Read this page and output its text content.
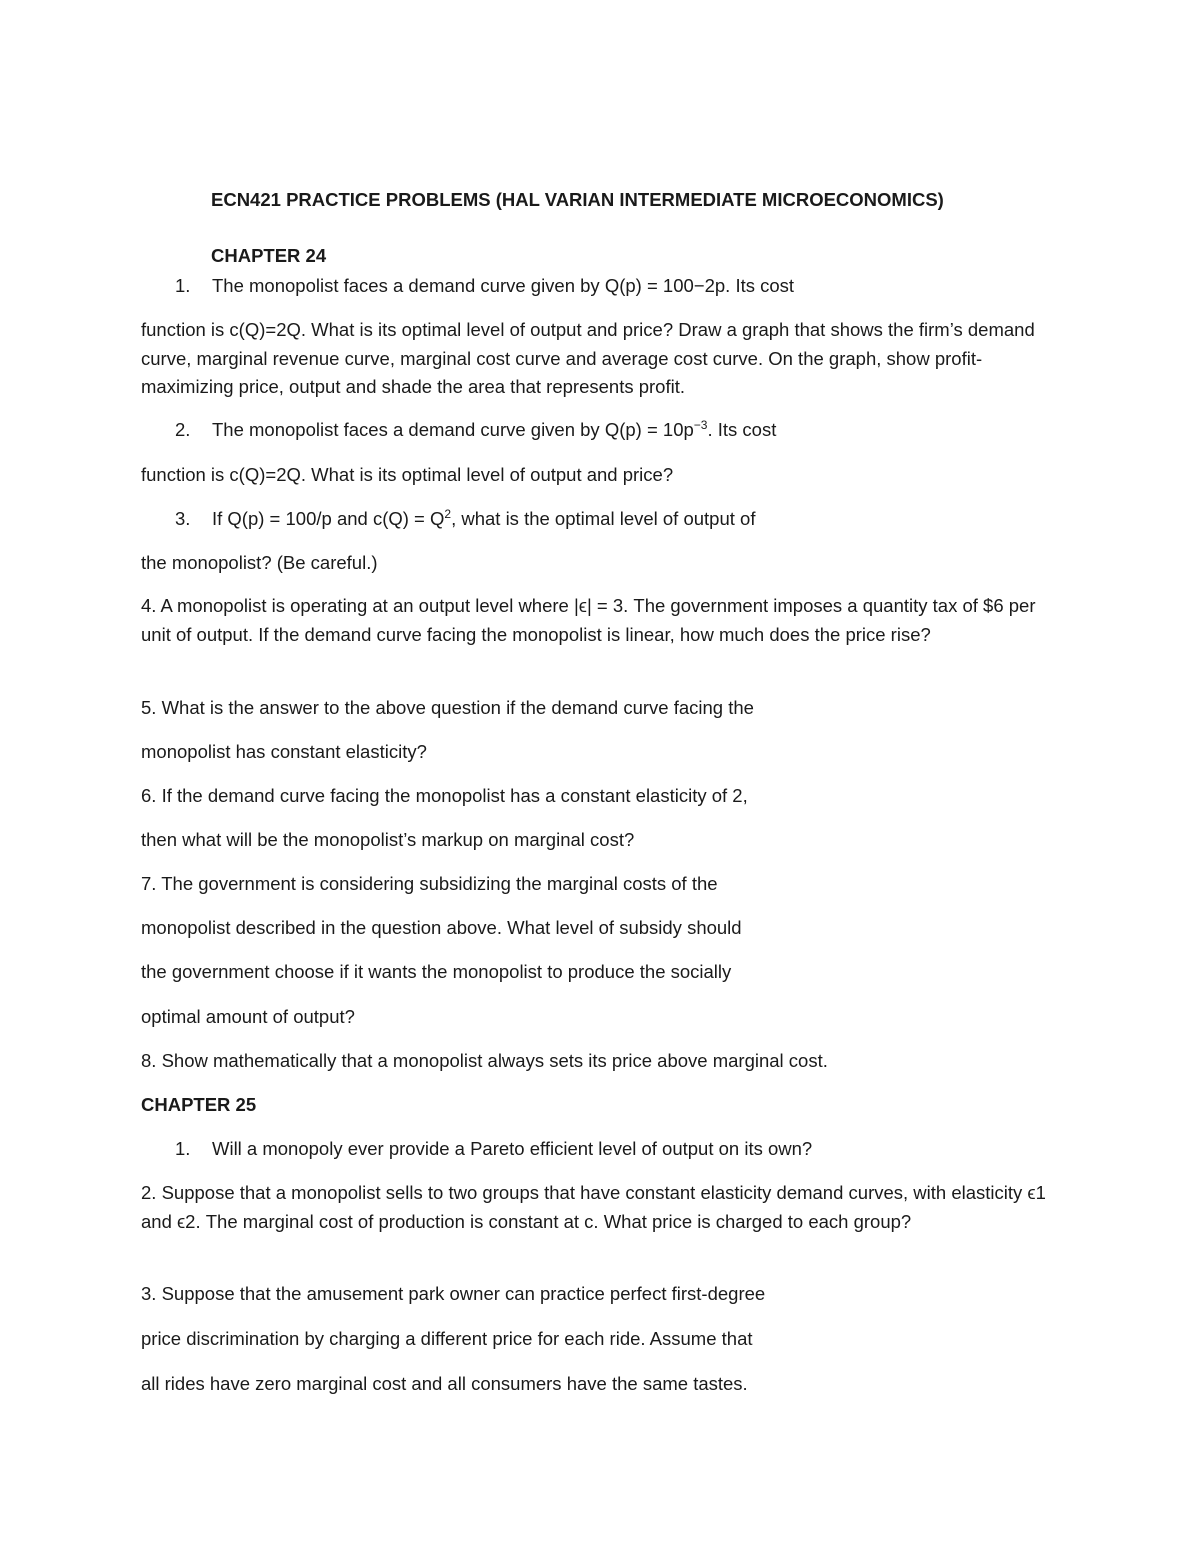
ECN421 PRACTICE PROBLEMS (HAL VARIAN INTERMEDIATE MICROECONOMICS)
CHAPTER 24
1. The monopolist faces a demand curve given by Q(p) = 100−2p. Its cost
function is c(Q)=2Q. What is its optimal level of output and price? Draw a graph that shows the firm’s demand curve, marginal revenue curve, marginal cost curve and average cost curve. On the graph, show profit-maximizing price, output and shade the area that represents profit.
2. The monopolist faces a demand curve given by $Q(p) = 10p^{-3}$. Its cost
function is c(Q)=2Q. What is its optimal level of output and price?
3. If Q(p) = 100/p and $c(Q) = Q^2$, what is the optimal level of output of
the monopolist? (Be careful.)
4. A monopolist is operating at an output level where |ϵ| = 3. The government imposes a quantity tax of $6 per unit of output. If the demand curve facing the monopolist is linear, how much does the price rise?
5. What is the answer to the above question if the demand curve facing the
monopolist has constant elasticity?
6. If the demand curve facing the monopolist has a constant elasticity of 2,
then what will be the monopolist’s markup on marginal cost?
7. The government is considering subsidizing the marginal costs of the
monopolist described in the question above. What level of subsidy should
the government choose if it wants the monopolist to produce the socially
optimal amount of output?
8. Show mathematically that a monopolist always sets its price above marginal cost.
CHAPTER 25
1. Will a monopoly ever provide a Pareto efficient level of output on its own?
2. Suppose that a monopolist sells to two groups that have constant elasticity demand curves, with elasticity ϵ1 and ϵ2. The marginal cost of production is constant at c. What price is charged to each group?
3. Suppose that the amusement park owner can practice perfect first-degree
price discrimination by charging a different price for each ride. Assume that
all rides have zero marginal cost and all consumers have the same tastes.
